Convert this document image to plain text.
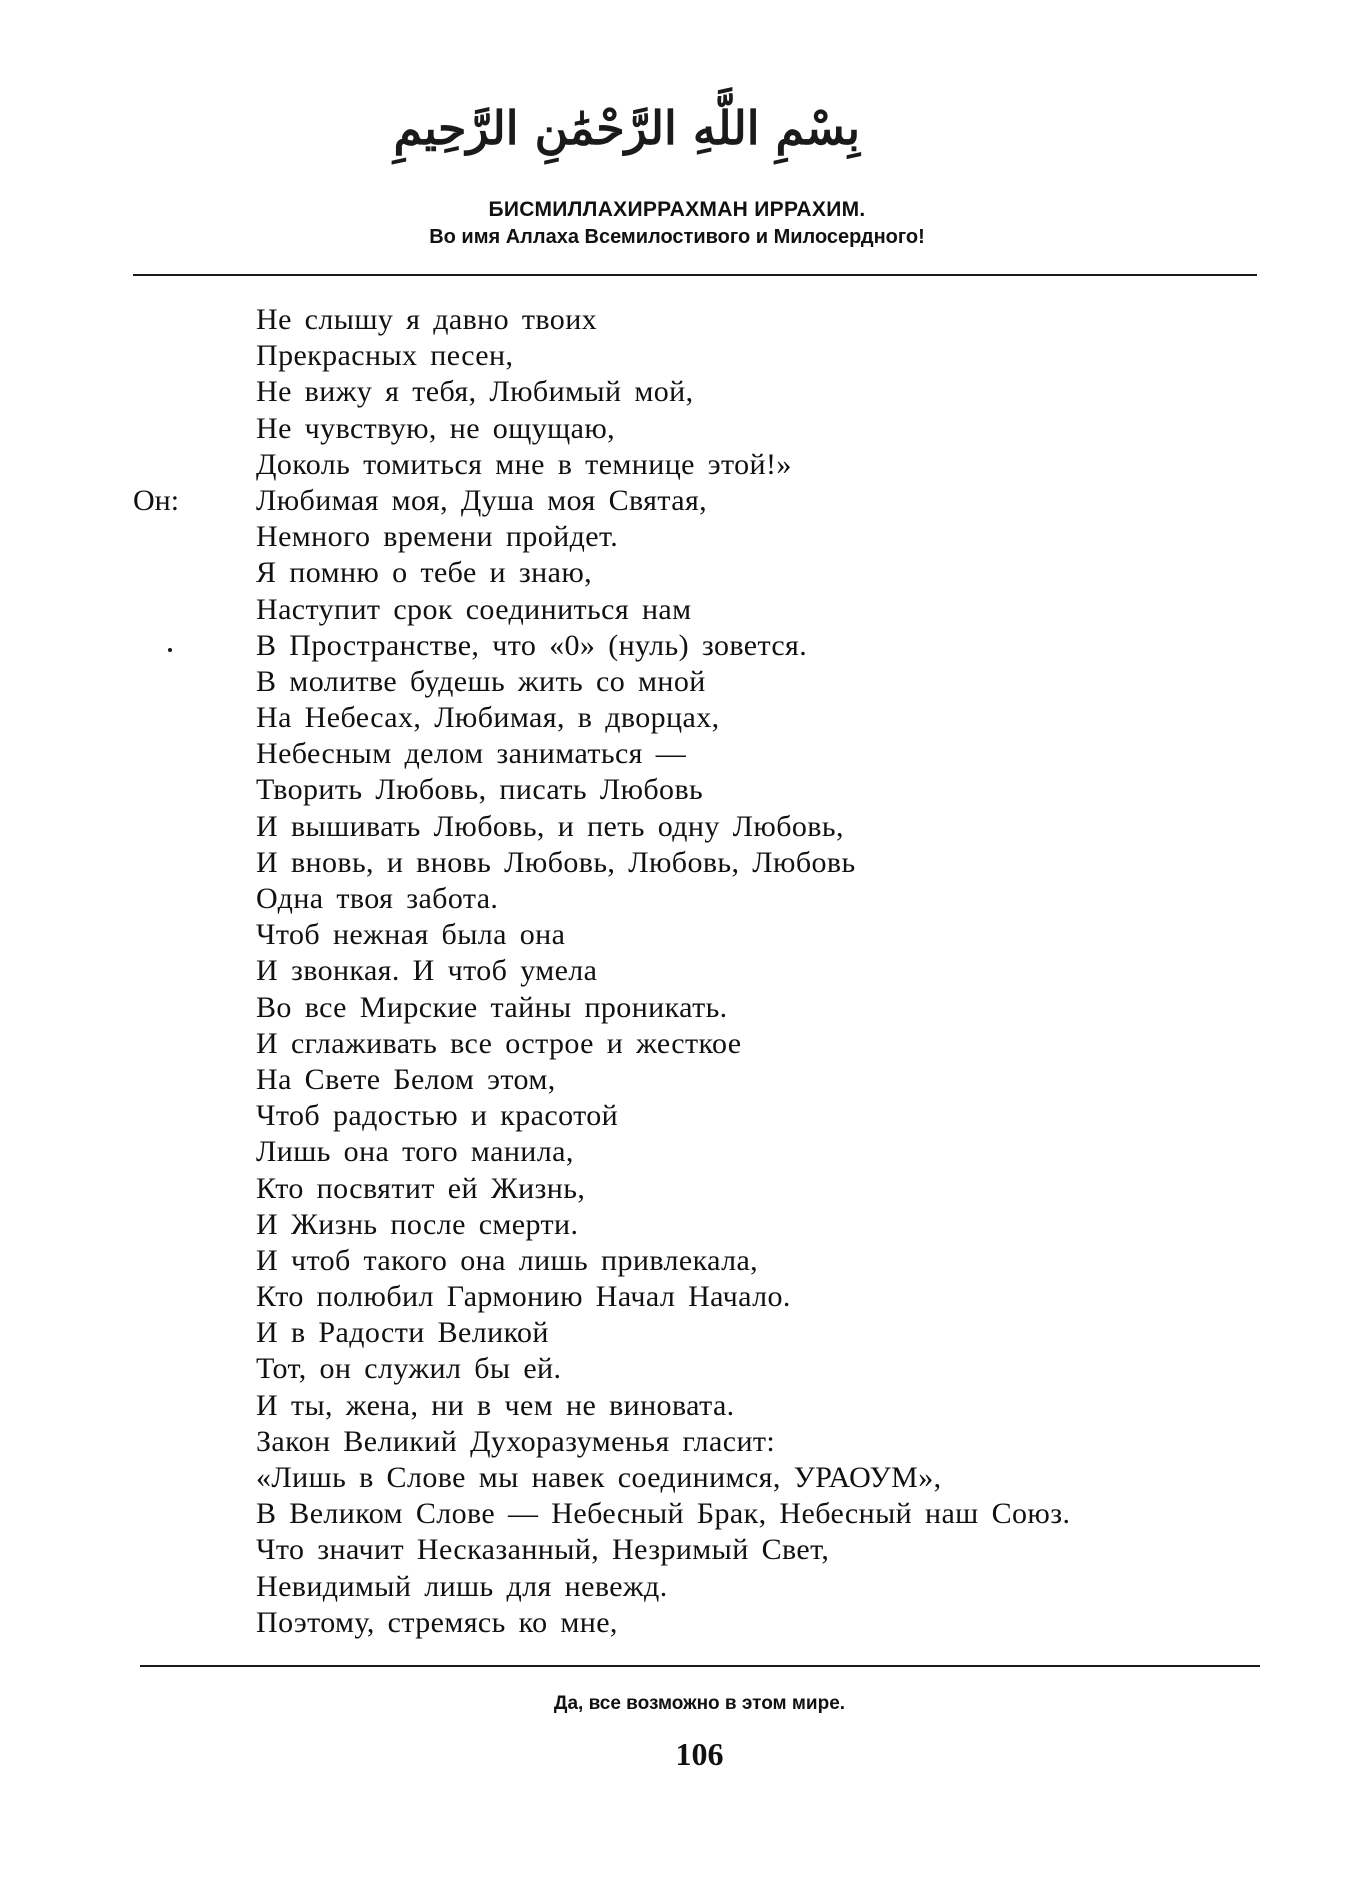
بِسْمِ اللَّهِ الرَّحْمَٰنِ الرَّحِيمِ
БИСМИЛЛАХИРРАХМАН ИРРАХИМ.
Во имя Аллаха Всемилостивого и Милосердного!
Он:
Не слышу я давно твоих
Прекрасных песен,
Не вижу я тебя, Любимый мой,
Не чувствую, не ощущаю,
Доколь томиться мне в темнице этой!»
Любимая моя, Душа моя Святая,
Немного времени пройдет.
Я помню о тебе и знаю,
Наступит срок соединиться нам
В Пространстве, что «0» (нуль) зовется.
В молитве будешь жить со мной
На Небесах, Любимая, в дворцах,
Небесным делом заниматься —
Творить Любовь, писать Любовь
И вышивать Любовь, и петь одну Любовь,
И вновь, и вновь Любовь, Любовь, Любовь
Одна твоя забота.
Чтоб нежная была она
И звонкая. И чтоб умела
Во все Мирские тайны проникать.
И сглаживать все острое и жесткое
На Свете Белом этом,
Чтоб радостью и красотой
Лишь она того манила,
Кто посвятит ей Жизнь,
И Жизнь после смерти.
И чтоб такого она лишь привлекала,
Кто полюбил Гармонию Начал Начало.
И в Радости Великой
Тот, он служил бы ей.
И ты, жена, ни в чем не виновата.
Закон Великий Духоразуменья гласит:
«Лишь в Слове мы навек соединимся, УРАОУМ»,
В Великом Слове — Небесный Брак, Небесный наш Союз.
Что значит Несказанный, Незримый Свет,
Невидимый лишь для невежд.
Поэтому, стремясь ко мне,
Да, все возможно в этом мире.
106
